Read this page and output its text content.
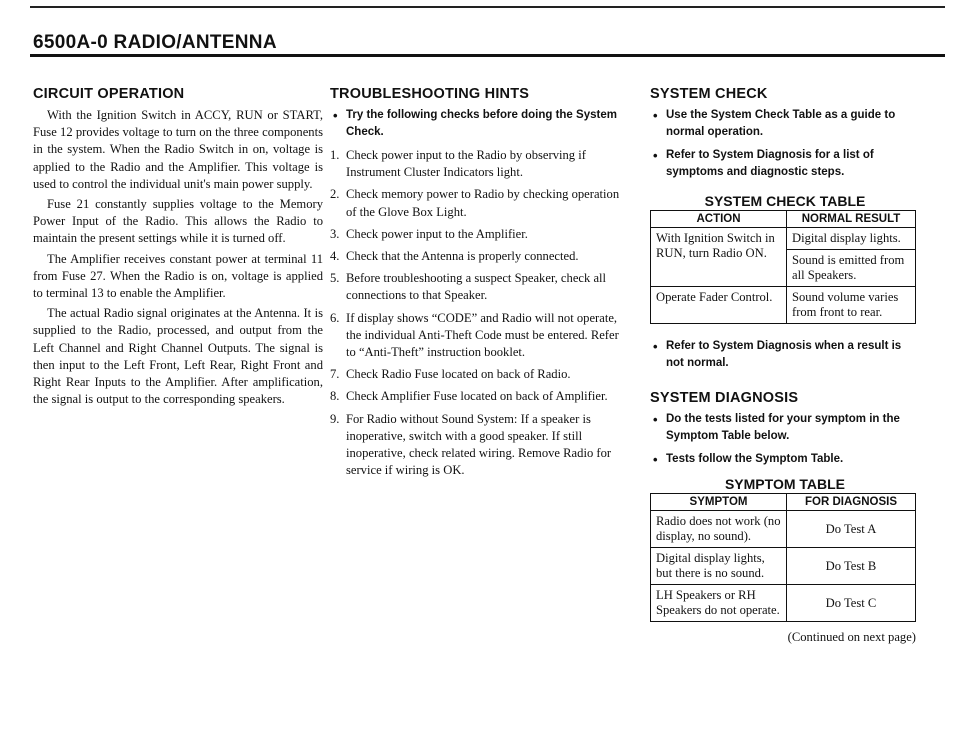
6500A-0 RADIO/ANTENNA
CIRCUIT OPERATION

With the Ignition Switch in ACCY, RUN or START, Fuse 12 provides voltage to turn on the three components in the system. When the Radio Switch in on, voltage is applied to the Radio and the Amplifier. This voltage is used to control the individual unit's main power supply.

Fuse 21 constantly supplies voltage to the Memory Power Input of the Radio. This allows the Radio to maintain the present settings while it is turned off.

The Amplifier receives constant power at terminal 11 from Fuse 27. When the Radio is on, voltage is applied to terminal 13 to enable the Amplifier.

The actual Radio signal originates at the Antenna. It is supplied to the Radio, processed, and output from the Left Channel and Right Channel Outputs. The signal is then input to the Left Front, Left Rear, Right Front and Right Rear Inputs to the Amplifier. After amplification, the signal is output to the corresponding speakers.

TROUBLESHOOTING HINTS
• Try the following checks before doing the System Check.
1. Check power input to the Radio by observing if Instrument Cluster Indicators light.
2. Check memory power to Radio by checking operation of the Glove Box Light.
3. Check power input to the Amplifier.
4. Check that the Antenna is properly connected.
5. Before troubleshooting a suspect Speaker, check all connections to that Speaker.
6. If display shows “CODE” and Radio will not operate, the individual Anti-Theft Code must be entered. Refer to “Anti-Theft” instruction booklet.
7. Check Radio Fuse located on back of Radio.
8. Check Amplifier Fuse located on back of Amplifier.
9. For Radio without Sound System: If a speaker is inoperative, switch with a good speaker. If still inoperative, check related wiring. Remove Radio for service if wiring is OK.
SYSTEM CHECK
• Use the System Check Table as a guide to normal operation.
• Refer to System Diagnosis for a list of symptoms and diagnostic steps.
SYSTEM CHECK TABLE
ACTION	NORMAL RESULT
With Ignition Switch in RUN, turn Radio ON.	Digital display lights.
Sound is emitted from all Speakers.

Operate Fader Control.	Sound volume varies from front to rear.
• Refer to System Diagnosis when a result is not normal.
SYSTEM DIAGNOSIS
• Do the tests listed for your symptom in the Symptom Table below.
• Tests follow the Symptom Table.
SYMPTOM TABLE
SYMPTOM	FOR DIAGNOSIS
Radio does not work (no display, no sound).	Do Test A
Digital display lights, but there is no sound.	Do Test B
LH Speakers or RH Speakers do not operate.	Do Test C
(Continued on next page)
